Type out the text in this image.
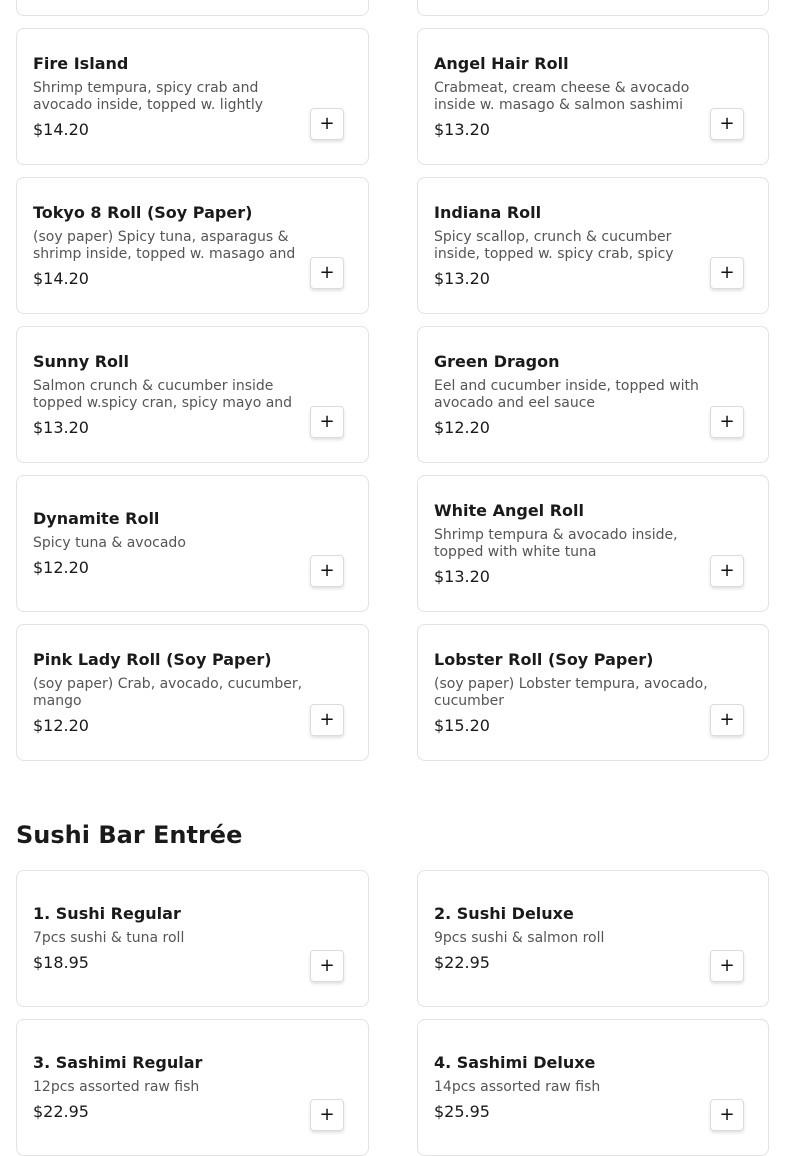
Fire Island
Shrimp tempura, spicy crab and avocado inside, topped w. lightly
$14.20	+
Angel Hair Roll
Crabmeat, cream cheese & avocado inside w. masago & salmon sashimi
$13.20	+
Tokyo 8 Roll (Soy Paper)
(soy paper) Spicy tuna, asparagus & shrimp inside, topped w. masago and
$14.20	+
Indiana Roll
Spicy scallop, crunch & cucumber inside, topped w. spicy crab, spicy
$13.20	+
Sunny Roll
Salmon crunch & cucumber inside topped w.spicy cran, spicy mayo and
$13.20	+
Green Dragon
Eel and cucumber inside, topped with avocado and eel sauce
$12.20	+
Dynamite Roll
Spicy tuna & avocado
$12.20	+
White Angel Roll
Shrimp tempura & avocado inside, topped with white tuna
$13.20	+
Pink Lady Roll (Soy Paper)
(soy paper) Crab, avocado, cucumber, mango
$12.20	+
Lobster Roll (Soy Paper)
(soy paper) Lobster tempura, avocado, cucumber
$15.20	+
Sushi Bar Entrée
1. Sushi Regular
7pcs sushi & tuna roll
$18.95	+
2. Sushi Deluxe
9pcs sushi & salmon roll
$22.95	+
3. Sashimi Regular
12pcs assorted raw fish
$22.95	+
4. Sashimi Deluxe
14pcs assorted raw fish
$25.95	+
